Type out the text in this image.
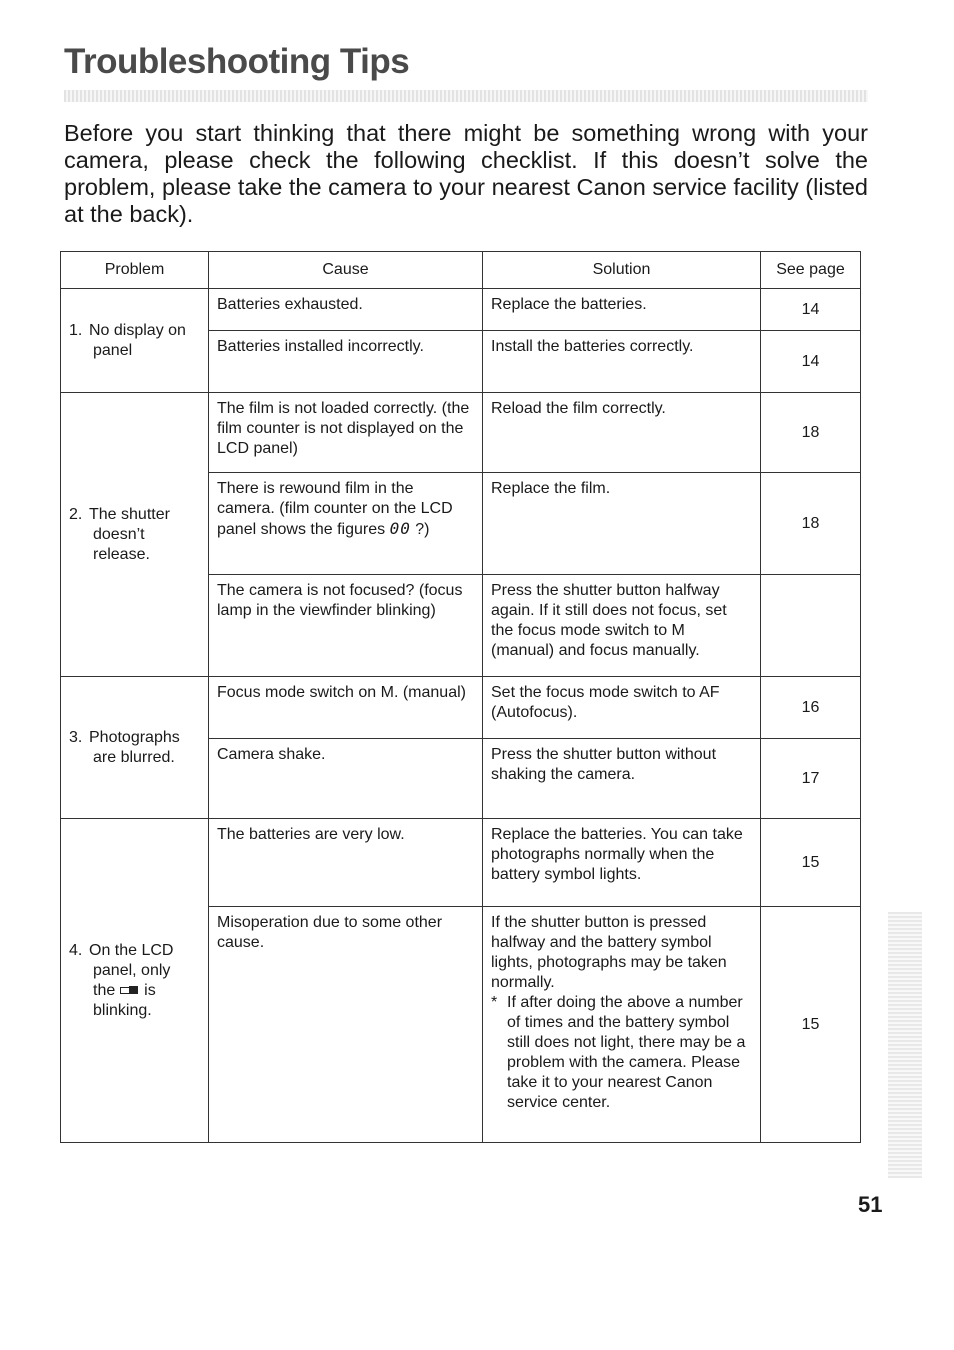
Troubleshooting Tips

Before you start thinking that there might be something wrong with your camera, please check the following checklist. If this doesn’t solve the problem, please take the camera to your nearest Canon service facility (listed at the back).

Problem	Cause	Solution	See page
1. No display on
panel	Batteries exhausted.	Replace the batteries.	14
	Batteries installed incorrectly.	Install the batteries correctly.	14
2. The shutter
doesn’t
release.	The film is not loaded correctly. (the film counter is not displayed on the LCD panel)	Reload the film correctly.	18
	There is rewound film in the camera. (film counter on the LCD panel shows the figures 00 ?)	Replace the film.	18
	The camera is not focused? (focus lamp in the viewfinder blinking)	Press the shutter button halfway again. If it still does not focus, set the focus mode switch to M (manual) and focus manually.	
3. Photographs
are blurred.	Focus mode switch on M. (manual)	Set the focus mode switch to AF (Autofocus).	16
	Camera shake.	Press the shutter button without shaking the camera.	17
4. On the LCD
panel, only
the is
blinking.	The batteries are very low.	Replace the batteries. You can take photographs normally when the battery symbol lights.	15
	Misoperation due to some other cause.	If the shutter button is pressed halfway and the battery symbol lights, photographs may be taken normally.
* If after doing the above a number of times and the battery symbol still does not light, there may be a problem with the camera. Please take it to your nearest Canon service center.	15
51
